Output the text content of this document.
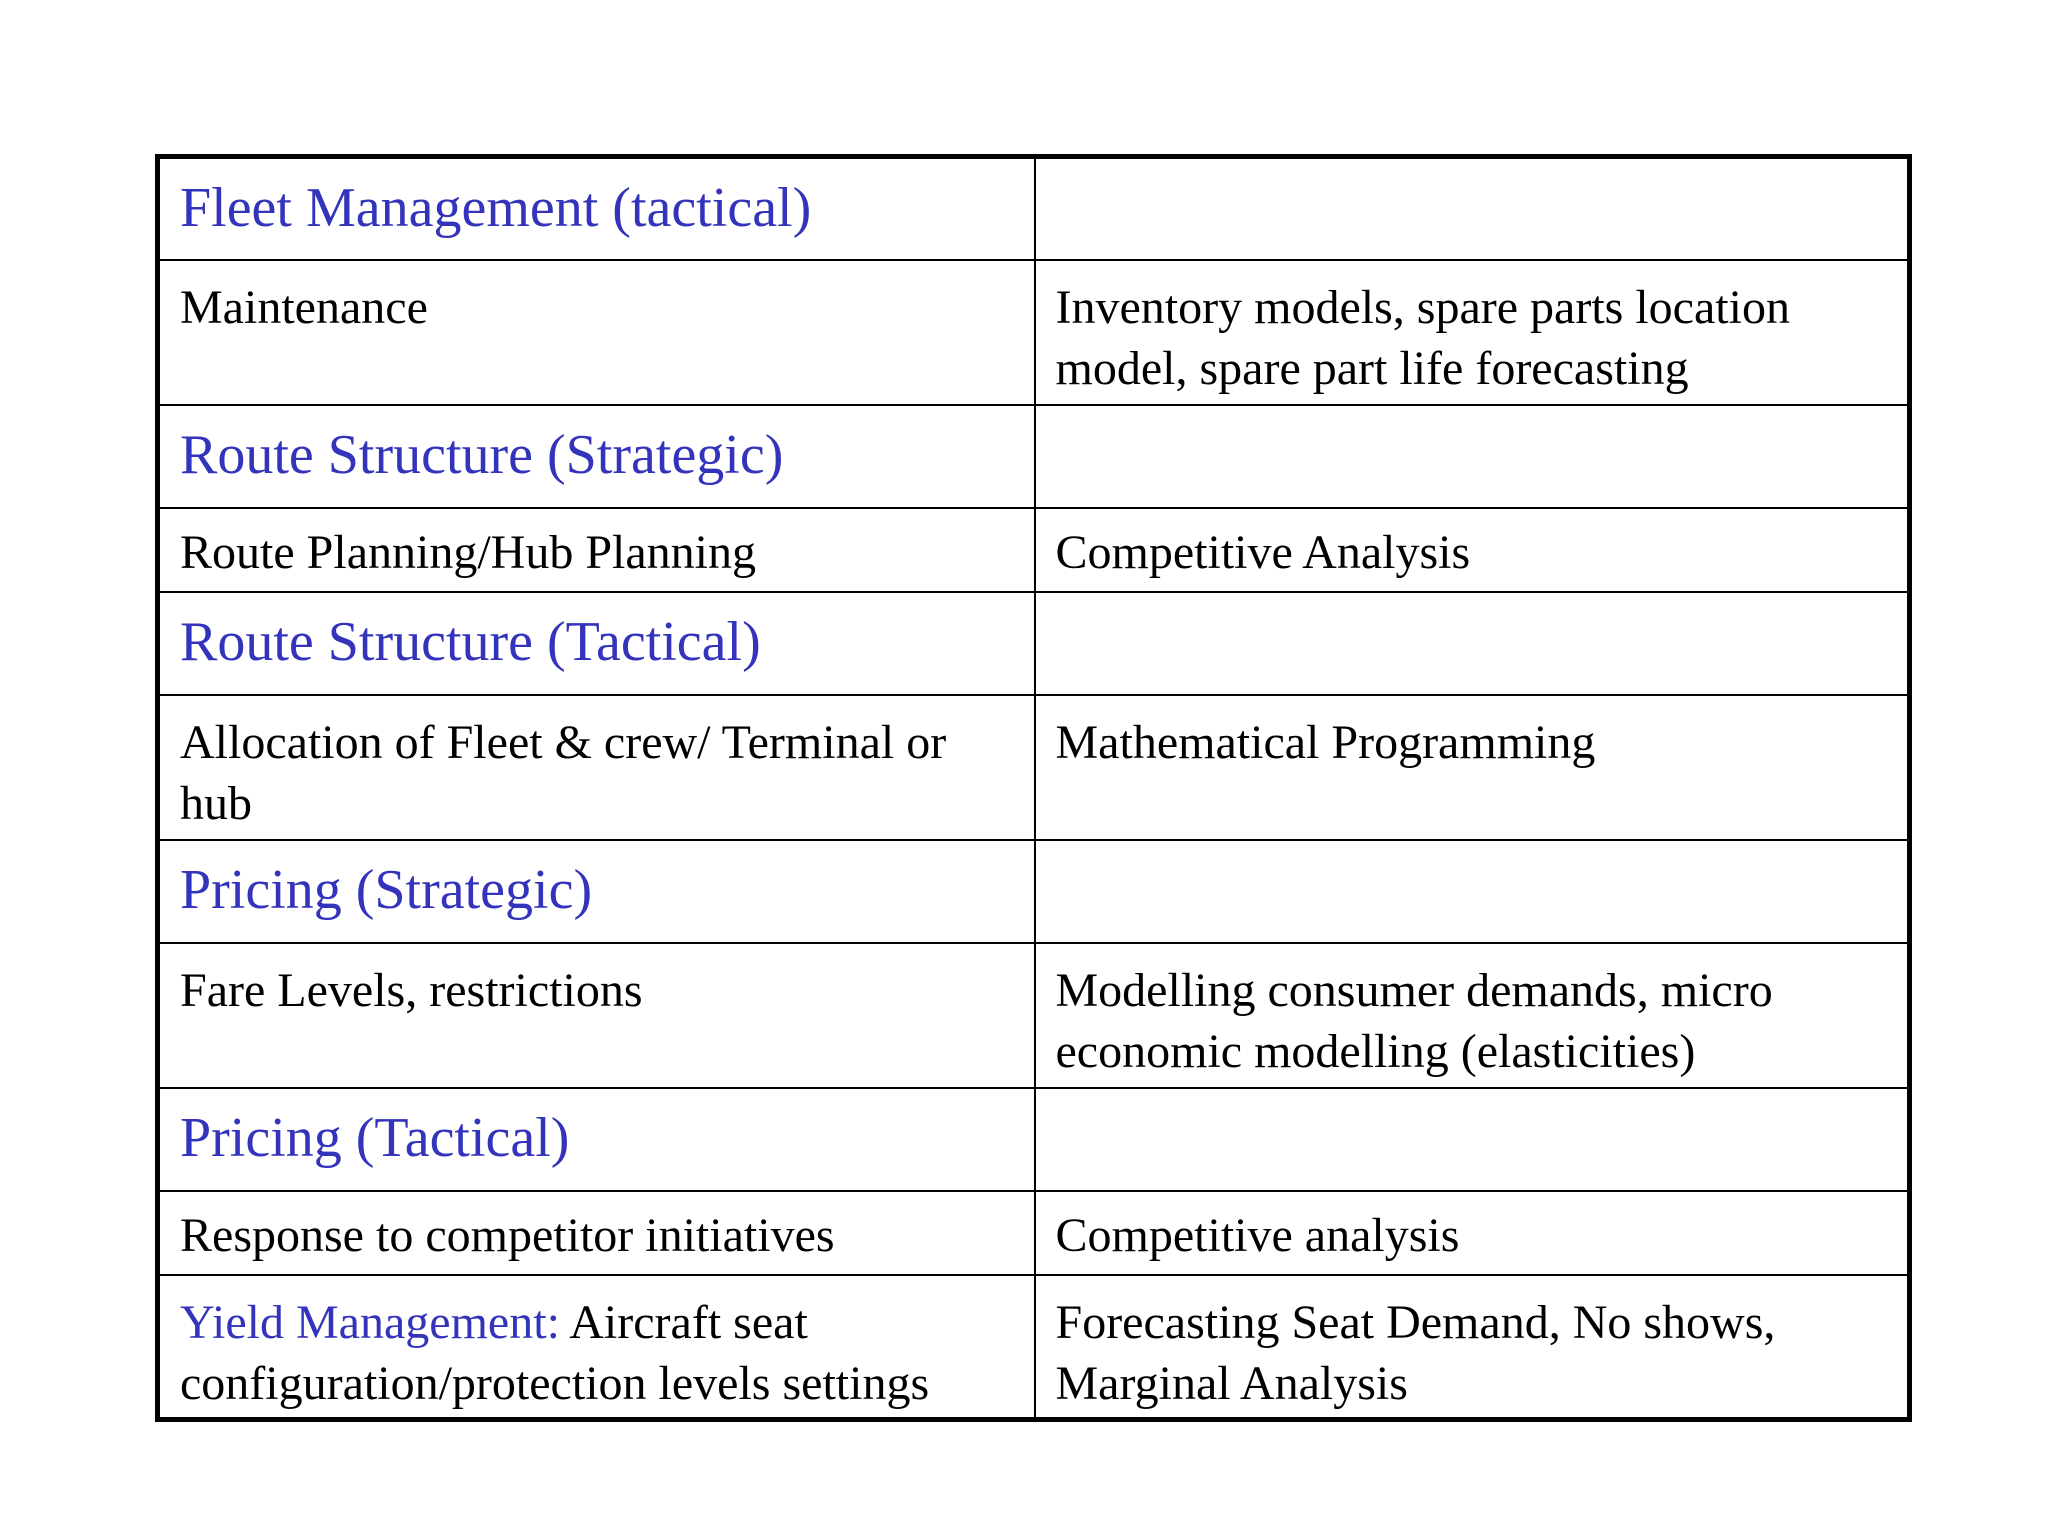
Fleet Management (tactical)	
Maintenance	Inventory models, spare parts location model, spare part life forecasting
Route Structure (Strategic)	
Route Planning/Hub Planning	Competitive Analysis
Route Structure (Tactical)	
Allocation of Fleet & crew/ Terminal or hub	Mathematical Programming
Pricing (Strategic)	
Fare Levels, restrictions	Modelling consumer demands, micro economic modelling (elasticities)
Pricing (Tactical)	
Response to competitor initiatives	Competitive analysis
Yield Management: Aircraft seat configuration/protection levels settings	Forecasting Seat Demand, No shows, Marginal Analysis
